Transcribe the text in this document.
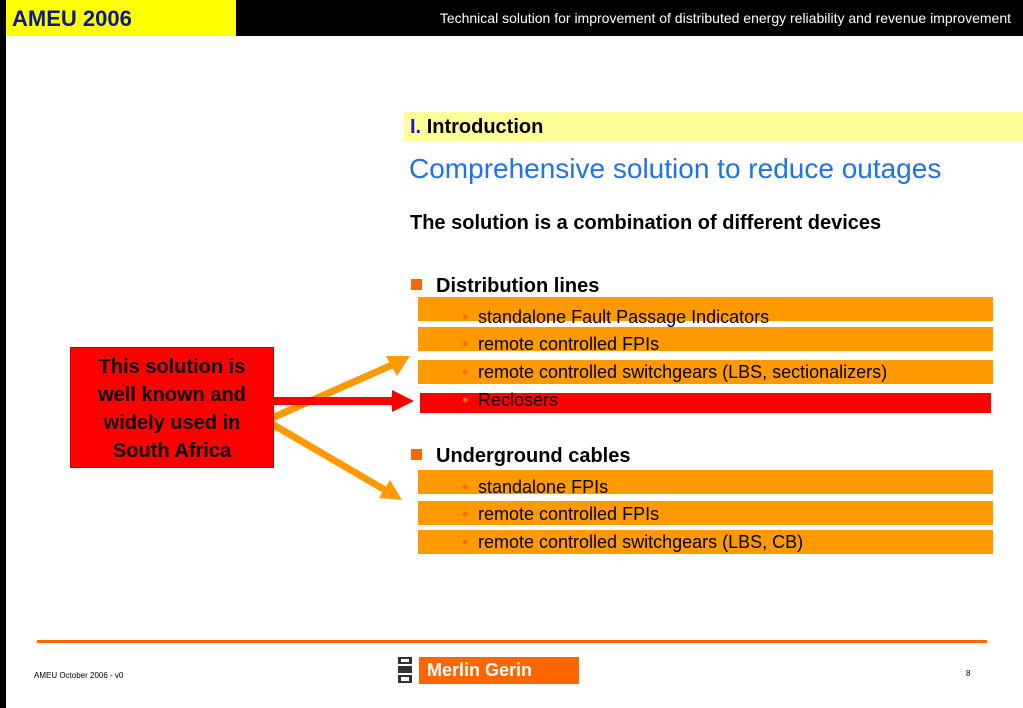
AMEU 2006	Technical solution for improvement of distributed energy reliability and revenue improvement
I. Introduction
Comprehensive solution to reduce outages
The solution is a combination of different devices
Distribution lines
● standalone Fault Passage Indicators
● remote controlled FPIs
● remote controlled switchgears (LBS, sectionalizers)
● Reclosers
Underground cables
● standalone FPIs
● remote controlled FPIs
● remote controlled switchgears (LBS, CB)
This solution is
well known and
widely used in
South Africa
AMEU October 2006 - v0	Merlin Gerin	8
